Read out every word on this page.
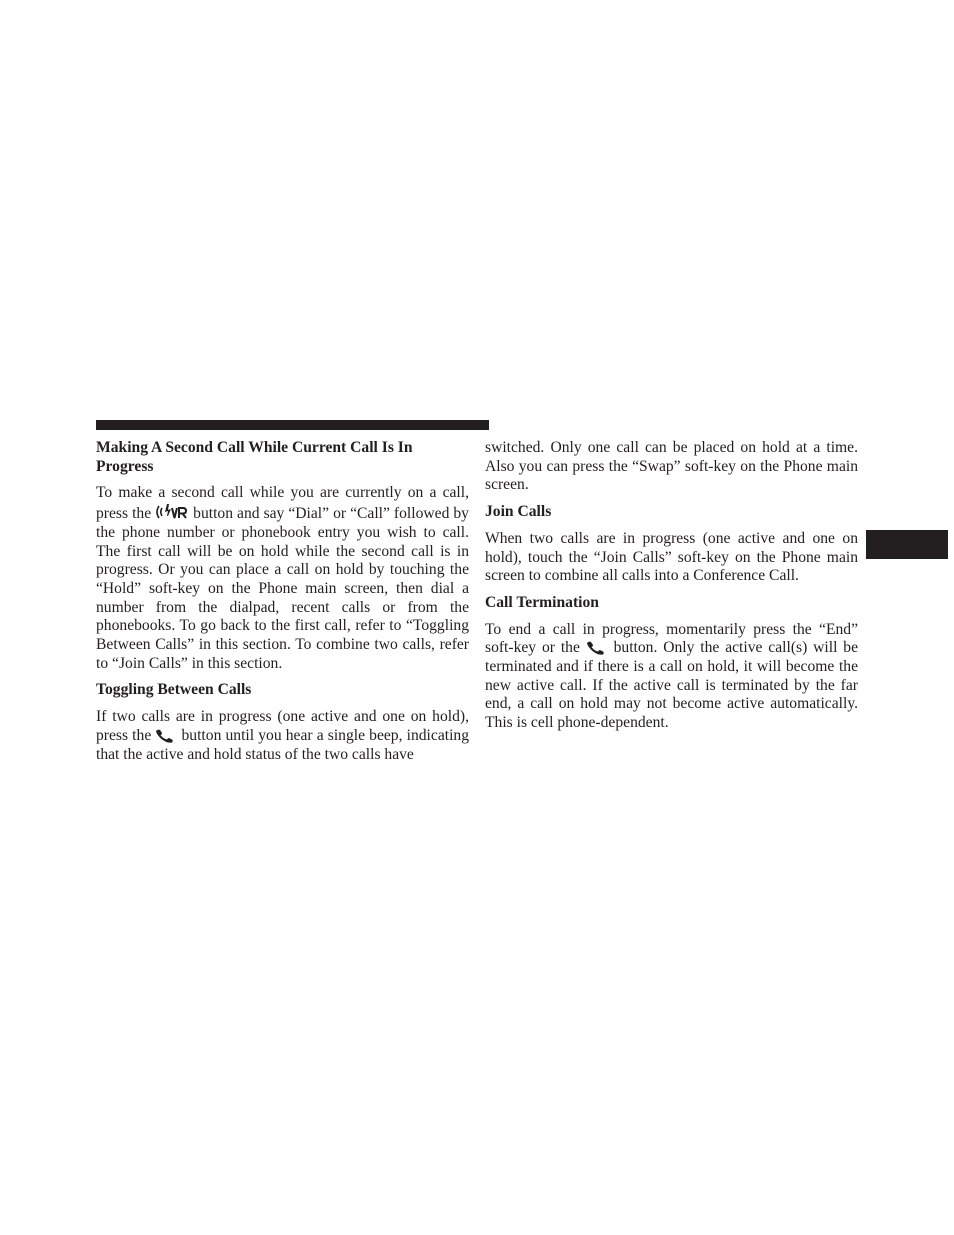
Making A Second Call While Current Call Is In Progress

To make a second call while you are currently on a call, press the
button and say “Dial” or “Call” followed by the phone number or phonebook entry you wish to call. The first call will be on hold while the second call is in progress. Or you can place a call on hold by touching the “Hold” soft-key on the Phone main screen, then dial a number from the dialpad, recent calls or from the phonebooks. To go back to the first call, refer to “Toggling Between Calls” in this section. To combine two calls, refer to “Join Calls” in this section.

Toggling Between Calls

If two calls are in progress (one active and one on hold), press the
button until you hear a single beep, indicating that the active and hold status of the two calls have

switched. Only one call can be placed on hold at a time. Also you can press the “Swap” soft-key on the Phone main screen.

Join Calls

When two calls are in progress (one active and one on hold), touch the “Join Calls” soft-key on the Phone main screen to combine all calls into a Conference Call.

Call Termination

To end a call in progress, momentarily press the “End” soft-key or the
button. Only the active call(s) will be terminated and if there is a call on hold, it will become the new active call. If the active call is terminated by the far end, a call on hold may not become active automatically. This is cell phone-dependent.
